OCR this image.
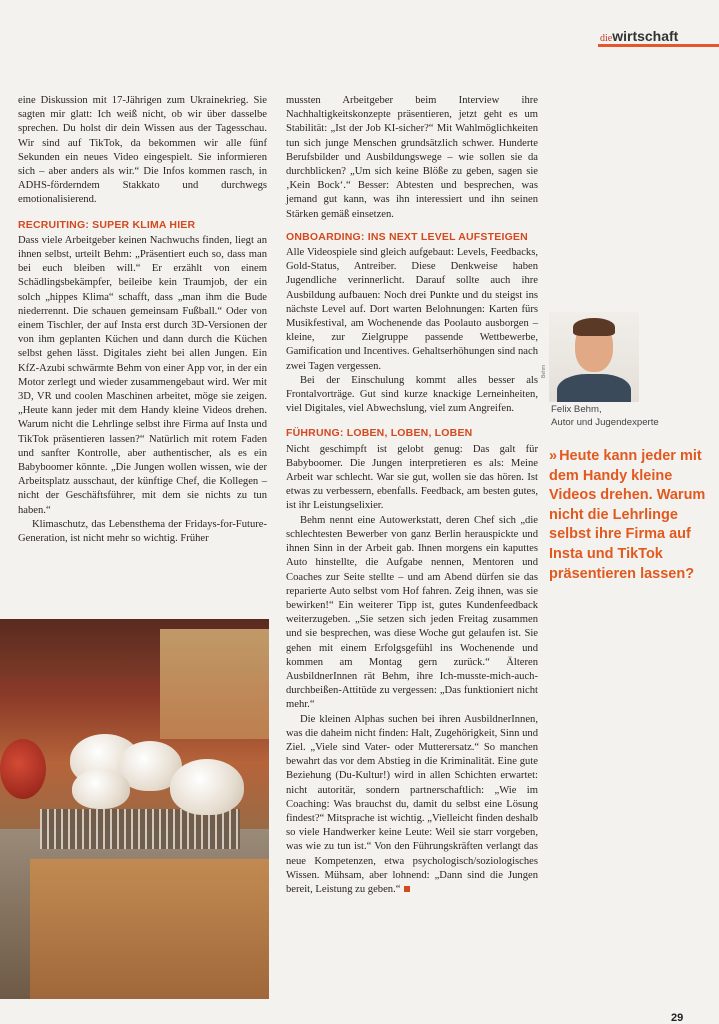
diewirtschaft

eine Diskussion mit 17-Jährigen zum Ukrainekrieg. Sie sagten mir glatt: Ich weiß nicht, ob wir über dasselbe sprechen. Du holst dir dein Wissen aus der Tagesschau. Wir sind auf TikTok, da bekommen wir alle fünf Sekunden ein neues Video eingespielt. Sie informieren sich – aber anders als wir.“ Die Infos kommen rasch, in ADHS-förderndem Stakkato und durchwegs emotionalisierend.

RECRUITING: SUPER KLIMA HIER

Dass viele Arbeitgeber keinen Nachwuchs finden, liegt an ihnen selbst, urteilt Behm: „Präsentiert euch so, dass man bei euch bleiben will.“ Er erzählt von einem Schädlingsbekämpfer, beileibe kein Traumjob, der ein solch „hippes Klima“ schafft, dass „man ihm die Bude niederrennt. Die schauen gemeinsam Fußball.“ Oder von einem Tischler, der auf Insta erst durch 3D-Versionen der von ihm geplanten Küchen und dann durch die Küchen selbst gehen lässt. Digitales zieht bei allen Jungen. Ein KfZ-Azubi schwärmte Behm von einer App vor, in der ein Motor zerlegt und wieder zusammengebaut wird. Wer mit 3D, VR und coolen Maschinen arbeitet, möge sie zeigen. „Heute kann jeder mit dem Handy kleine Videos drehen. Warum nicht die Lehrlinge selbst ihre Firma auf Insta und TikTok präsentieren lassen?“ Natürlich mit rotem Faden und sanfter Kontrolle, aber authentischer, als es ein Babyboomer könnte. „Die Jungen wollen wissen, wie der Arbeitsplatz ausschaut, der künftige Chef, die Kollegen – nicht der Geschäftsführer, mit dem sie nichts zu tun haben.“

Klimaschutz, das Lebensthema der Fridays-for-Future-Generation, ist nicht mehr so wichtig. Früher

mussten Arbeitgeber beim Interview ihre Nachhaltigkeitskonzepte präsentieren, jetzt geht es um Stabilität: „Ist der Job KI-sicher?“ Mit Wahlmöglichkeiten tun sich junge Menschen grundsätzlich schwer. Hunderte Berufsbilder und Ausbildungswege – wie sollen sie da durchblicken? „Um sich keine Blöße zu geben, sagen sie ‚Kein Bock‘.“ Besser: Abtesten und besprechen, was jemand gut kann, was ihn interessiert und ihn seinen Stärken gemäß einsetzen.

ONBOARDING: INS NEXT LEVEL AUFSTEIGEN

Alle Videospiele sind gleich aufgebaut: Levels, Feedbacks, Gold-Status, Antreiber. Diese Denkweise haben Jugendliche verinnerlicht. Darauf sollte auch ihre Ausbildung aufbauen: Noch drei Punkte und du steigst ins nächste Level auf. Dort warten Belohnungen: Karten fürs Musikfestival, am Wochenende das Poolauto ausborgen – kleine, zur Zielgruppe passende Wettbewerbe, Gamification und Incentives. Gehaltserhöhungen sind nach zwei Tagen vergessen.

Bei der Einschulung kommt alles besser als Frontalvorträge. Gut sind kurze knackige Lerneinheiten, viel Digitales, viel Abwechslung, viel zum Angreifen.

FÜHRUNG: LOBEN, LOBEN, LOBEN

Nicht geschimpft ist gelobt genug: Das galt für Babyboomer. Die Jungen interpretieren es als: Meine Arbeit war schlecht. War sie gut, wollen sie das hören. Ist etwas zu verbessern, ebenfalls. Feedback, am besten gutes, ist ihr Leistungselixier.

Behm nennt eine Autowerkstatt, deren Chef sich „die schlechtesten Bewerber von ganz Berlin herauspickte und ihnen Sinn in der Arbeit gab. Ihnen morgens ein kaputtes Auto hinstellte, die Aufgabe nennen, Mentoren und Coaches zur Seite stellte – und am Abend dürfen sie das reparierte Auto selbst vom Hof fahren. Zeig ihnen, was sie bewirken!“ Ein weiterer Tipp ist, gutes Kundenfeedback weiterzugeben. „Sie setzen sich jeden Freitag zusammen und sie besprechen, was diese Woche gut gelaufen ist. Sie gehen mit einem Erfolgsgefühl ins Wochenende und kommen am Montag gern zurück.“ Älteren AusbildnerInnen rät Behm, ihre Ich-musste-mich-auch-durchbeißen-Attitüde zu vergessen: „Das funktioniert nicht mehr.“

Die kleinen Alphas suchen bei ihren AusbildnerInnen, was die daheim nicht finden: Halt, Zugehörigkeit, Sinn und Ziel. „Viele sind Vater- oder Mutterersatz.“ So manchen bewahrt das vor dem Abstieg in die Kriminalität. Eine gute Beziehung (Du-Kultur!) wird in allen Schichten erwartet: nicht autoritär, sondern partnerschaftlich: „Wie im Coaching: Was brauchst du, damit du selbst eine Lösung findest?“ Mitsprache ist wichtig. „Vielleicht finden deshalb so viele Handwerker keine Leute: Weil sie starr vorgeben, was wie zu tun ist.“ Von den Führungskräften verlangt das neue Kompetenzen, etwa psychologisch/soziologisches Wissen. Mühsam, aber lohnend: „Dann sind die Jungen bereit, Leistung zu geben.“

Behm
Felix Behm,
Autor und Jugendexperte
» Heute kann jeder mit dem Handy kleine Videos drehen. Warum nicht die Lehrlinge selbst ihre Firma auf Insta und TikTok präsentieren lassen?
29
